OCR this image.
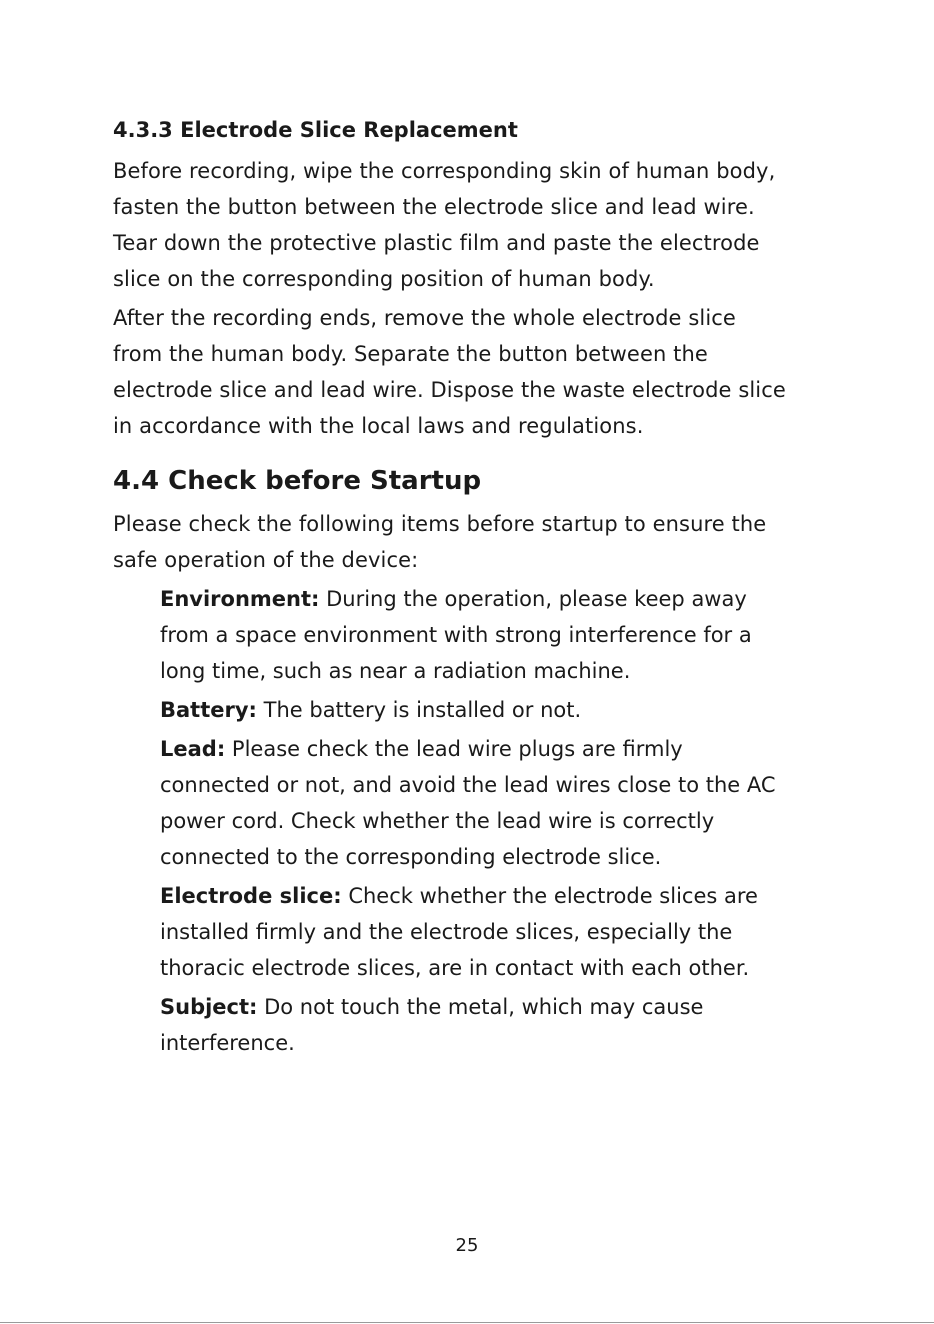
4.3.3 Electrode Slice Replacement

Before recording, wipe the corresponding skin of human body,
fasten the button between the electrode slice and lead wire.
Tear down the protective plastic film and paste the electrode
slice on the corresponding position of human body.

After the recording ends, remove the whole electrode slice
from the human body. Separate the button between the
electrode slice and lead wire. Dispose the waste electrode slice
in accordance with the local laws and regulations.

4.4 Check before Startup

Please check the following items before startup to ensure the
safe operation of the device:

Environment: During the operation, please keep away
from a space environment with strong interference for a
long time, such as near a radiation machine.

Battery: The battery is installed or not.

Lead: Please check the lead wire plugs are firmly
connected or not, and avoid the lead wires close to the AC
power cord. Check whether the lead wire is correctly
connected to the corresponding electrode slice.

Electrode slice: Check whether the electrode slices are
installed firmly and the electrode slices, especially the
thoracic electrode slices, are in contact with each other.

Subject: Do not touch the metal, which may cause
interference.

25
